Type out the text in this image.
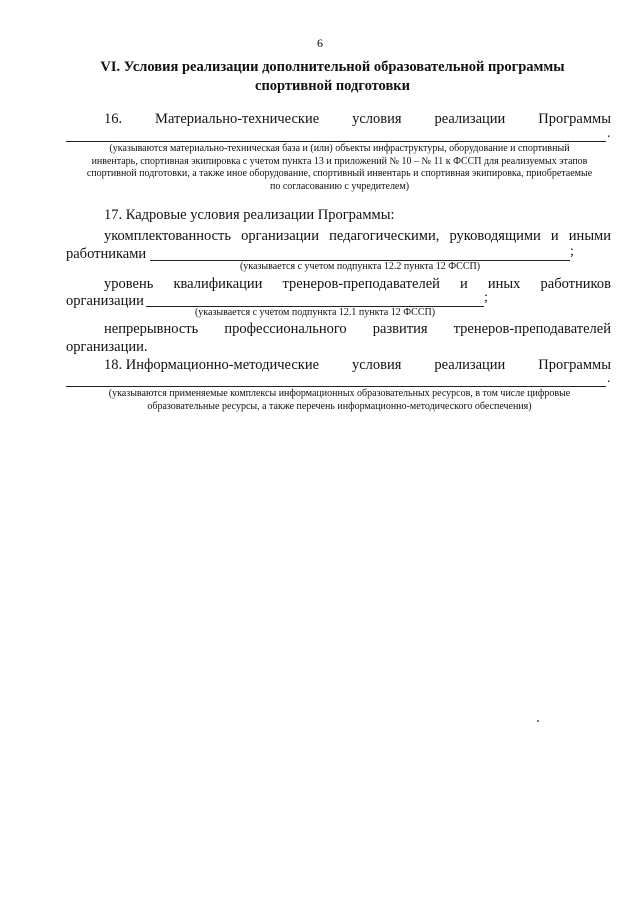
6
VI. Условия реализации дополнительной образовательной программы
спортивной подготовки
16. Материально-технические условия реализации Программы
.
(указываются материально-техническая база и (или) объекты инфраструктуры, оборудование и спортивный
инвентарь, спортивная экипировка с учетом пункта 13 и приложений № 10 – № 11 к ФССП для реализуемых этапов
спортивной подготовки, а также иное оборудование, спортивный инвентарь и спортивная экипировка, приобретаемые
по согласованию с учредителем)
17. Кадровые условия реализации Программы:
укомплектованность организации педагогическими, руководящими и иными
работниками	;
(указывается с учетом подпункта 12.2 пункта 12 ФССП)
уровень квалификации тренеров-преподавателей и иных работников
организации	;
(указывается с учетом подпункта 12.1 пункта 12 ФССП)
непрерывность профессионального развития тренеров-преподавателей
организации.
18. Информационно-методические условия реализации Программы
.
(указываются применяемые комплексы информационных образовательных ресурсов, в том числе цифровые
образовательные ресурсы, а также перечень информационно-методического обеспечения)
